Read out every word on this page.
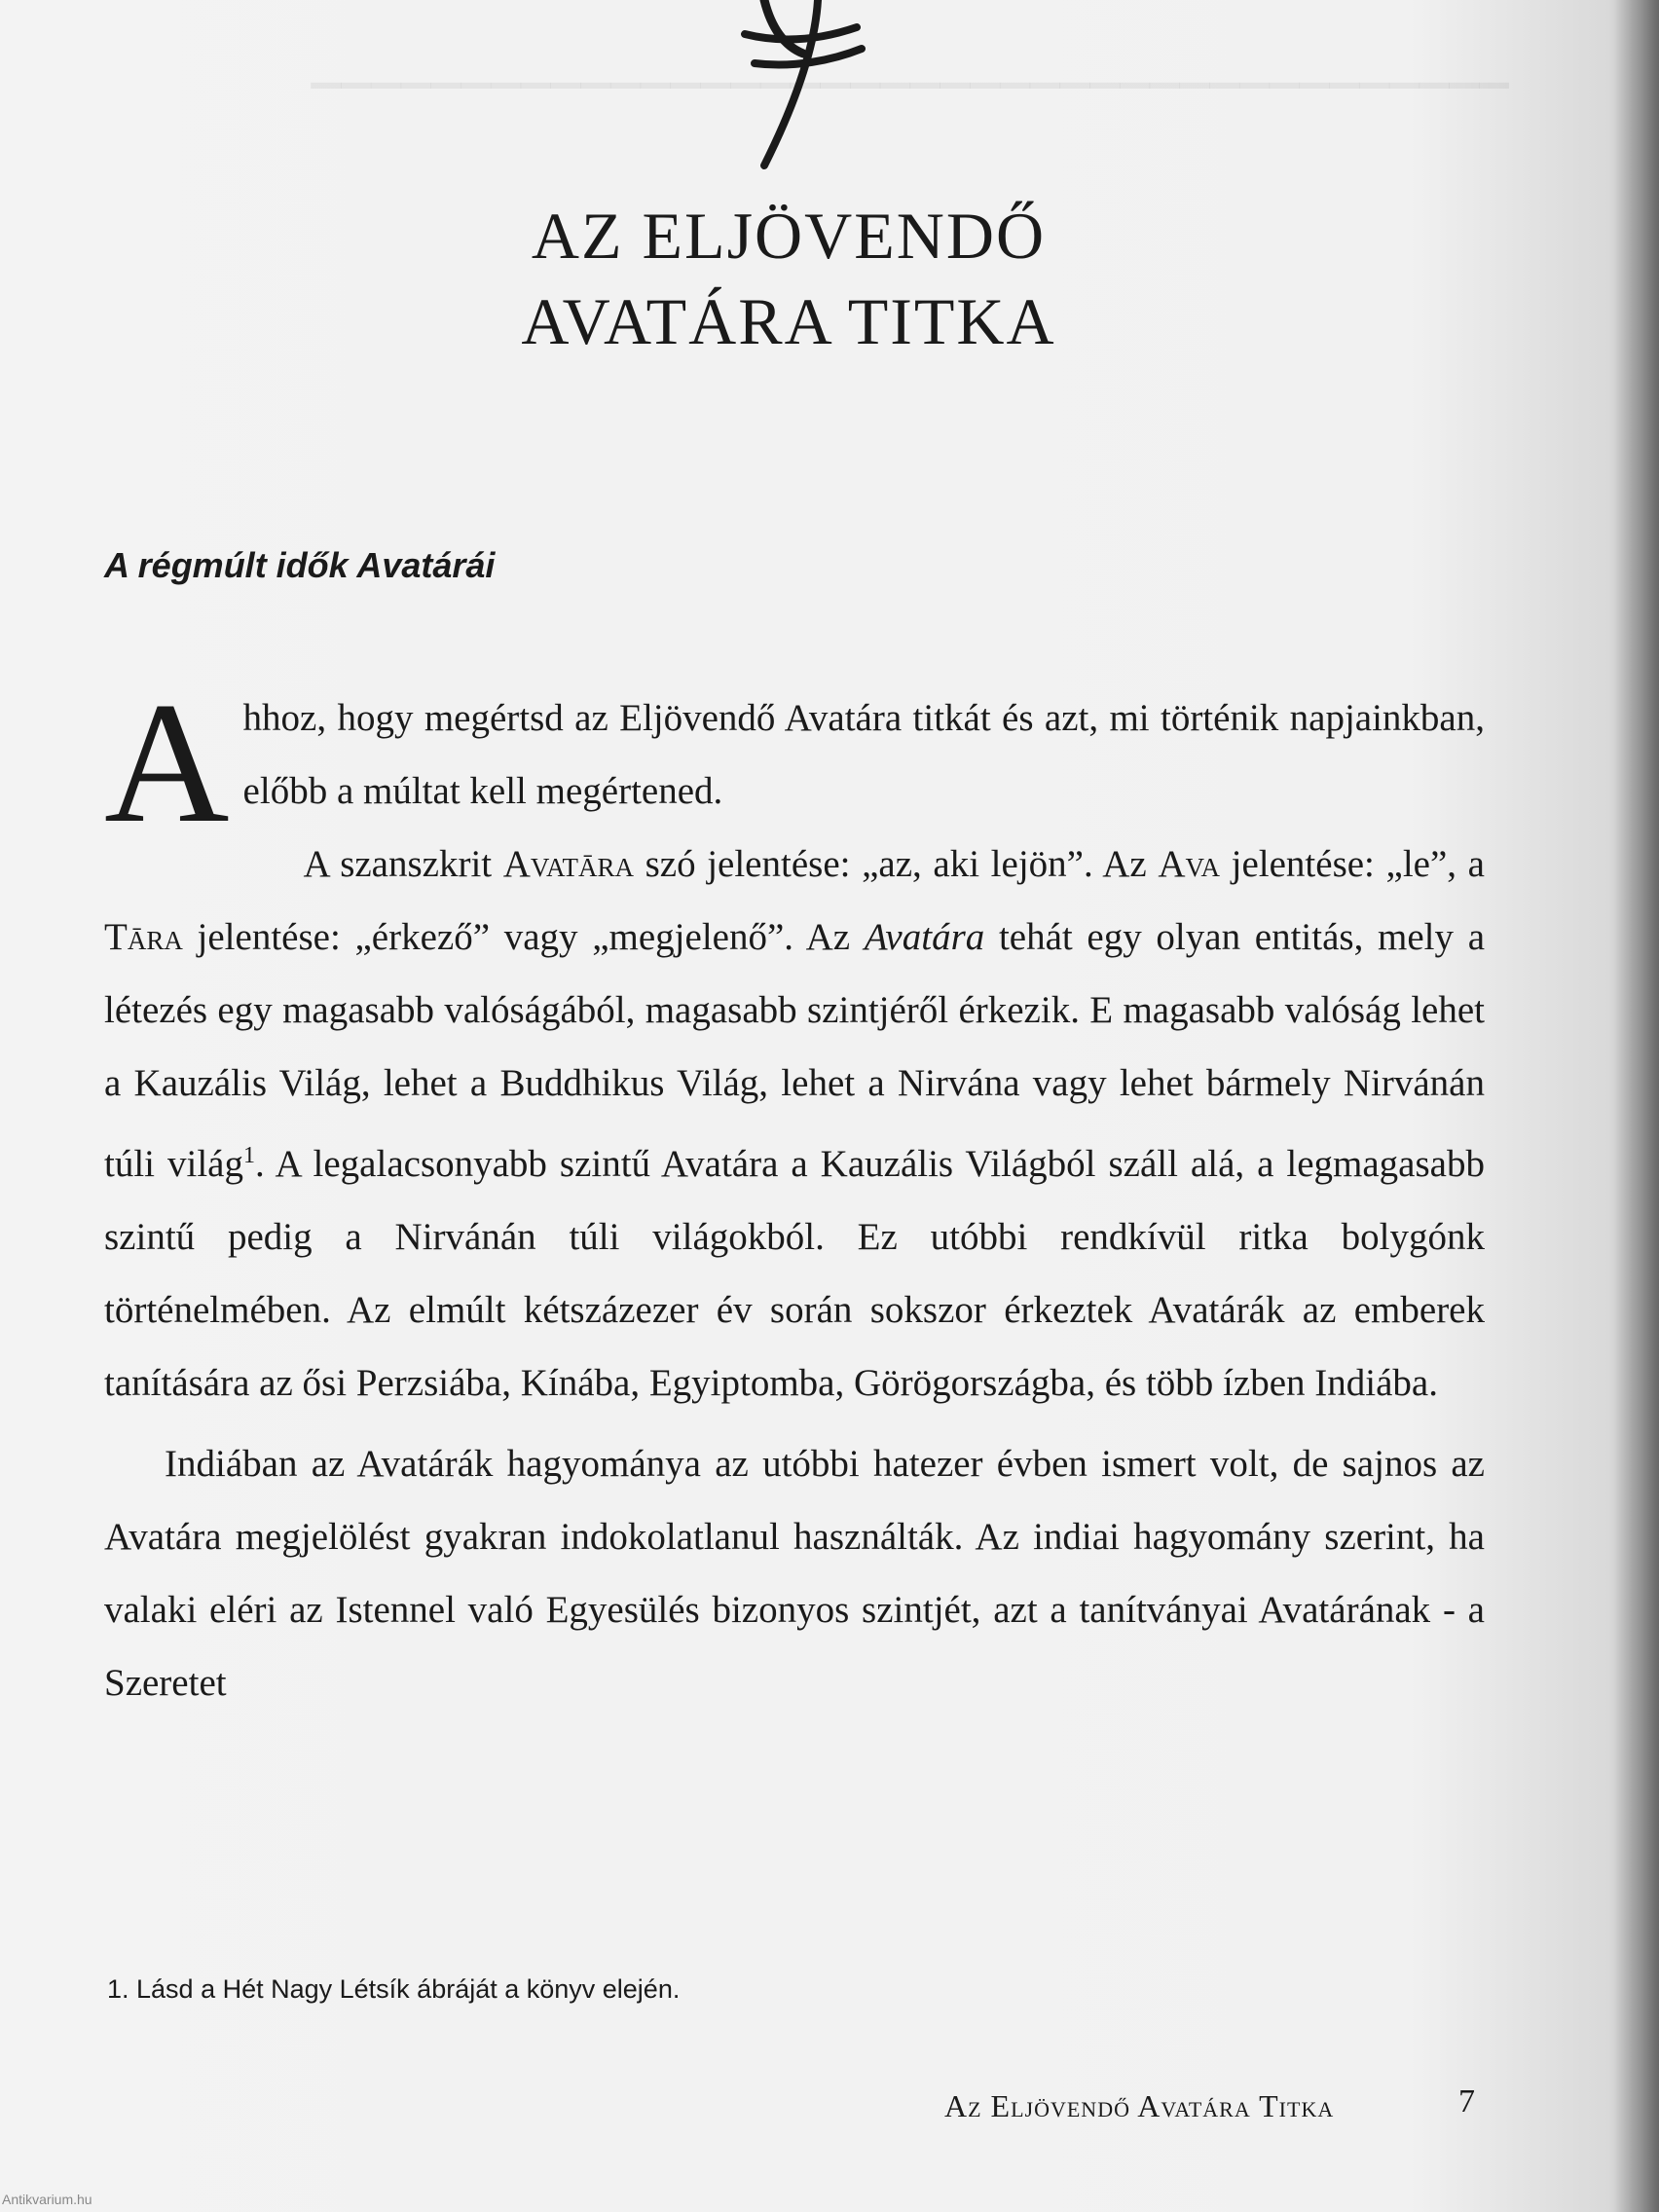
▁▁▁▁▁▁▁▁▁▁▁▁▁▁▁▁▁▁▁▁▁▁▁▁▁▁▁▁▁▁▁▁▁▁▁▁▁▁▁▁
AZ ELJÖVENDŐ
AVATÁRA TITKA
A régmúlt idők Avatárái

Ahhoz, hogy megértsd az Eljövendő Avatára titkát és azt, mi történik napjainkban, előbb a múltat kell megértened.

A szanszkrit Avatāra szó jelentése: „az, aki lejön”. Az Ava jelentése: „le”, a Tāra jelentése: „érkező” vagy „megjelenő”. Az Avatára tehát egy olyan entitás, mely a létezés egy magasabb valóságából, magasabb szintjéről érkezik. E magasabb valóság lehet a Kauzális Világ, lehet a Buddhikus Világ, lehet a Nirvána vagy lehet bármely Nirvánán túli világ$^1$. A legalacsonyabb szintű Avatára a Kauzális Világból száll alá, a legmagasabb szintű pedig a Nirvánán túli világokból. Ez utóbbi rendkívül ritka bolygónk történelmében. Az elmúlt kétszázezer év során sokszor érkeztek Avatárák az emberek tanítására az ősi Perzsiába, Kínába, Egyiptomba, Görögországba, és több ízben Indiába.

Indiában az Avatárák hagyománya az utóbbi hatezer évben ismert volt, de sajnos az Avatára megjelölést gyakran indokolatlanul használták. Az indiai hagyomány szerint, ha valaki eléri az Istennel való Egyesülés bizonyos szintjét, azt a tanítványai Avatárának - a Szeretet

1. Lásd a Hét Nagy Létsík ábráját a könyv elején.
Az Eljövendő Avatára Titka	7
Antikvarium.hu
